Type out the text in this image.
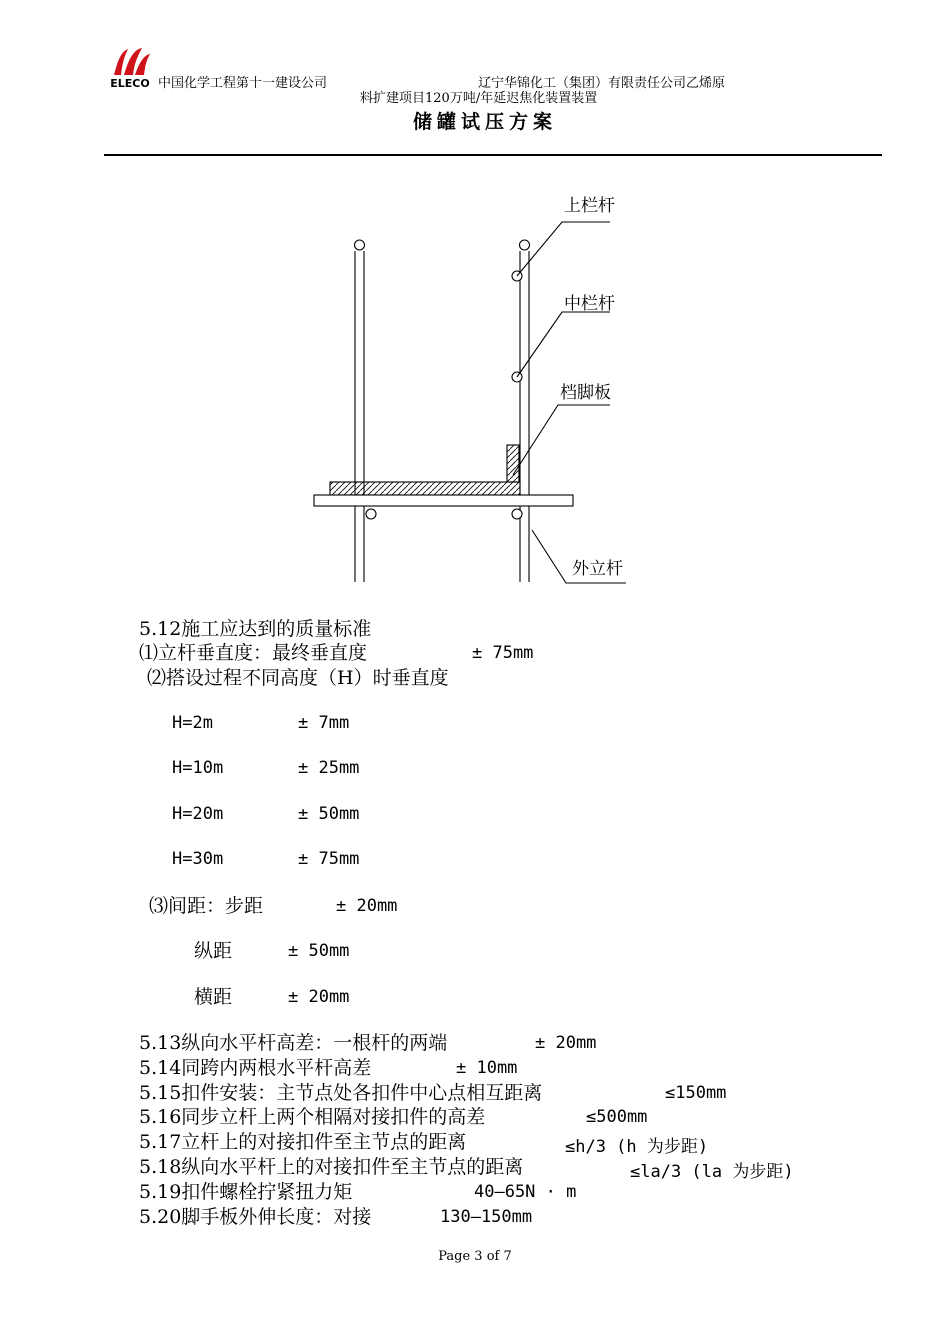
ELECO 中国化学工程第十一建设公司	辽宁华锦化工（集团）有限责任公司乙烯原
料扩建项目120万吨/年延迟焦化装置装置
储罐试压方案
上栏杆
中栏杆
档脚板
外立杆
5.12施工应达到的质量标准
⑴立杆垂直度：最终垂直度	± 75mm
⑵搭设过程不同高度（H）时垂直度
H=2m	± 7mm
H=10m	± 25mm
H=20m	± 50mm
H=30m	± 75mm
⑶间距：步距	± 20mm
纵距	± 50mm
横距	± 20mm
5.13纵向水平杆高差：一根杆的两端	± 20mm
5.14同跨内两根水平杆高差	± 10mm
5.15扣件安装：主节点处各扣件中心点相互距离	≤150mm
5.16同步立杆上两个相隔对接扣件的高差	≤500mm
5.17立杆上的对接扣件至主节点的距离	≤h/3 (h 为步距)
5.18纵向水平杆上的对接扣件至主节点的距离	≤la/3 (la 为步距)
5.19扣件螺栓拧紧扭力矩	40—65N · m
5.20脚手板外伸长度：对接	130—150mm
Page 3 of 7
